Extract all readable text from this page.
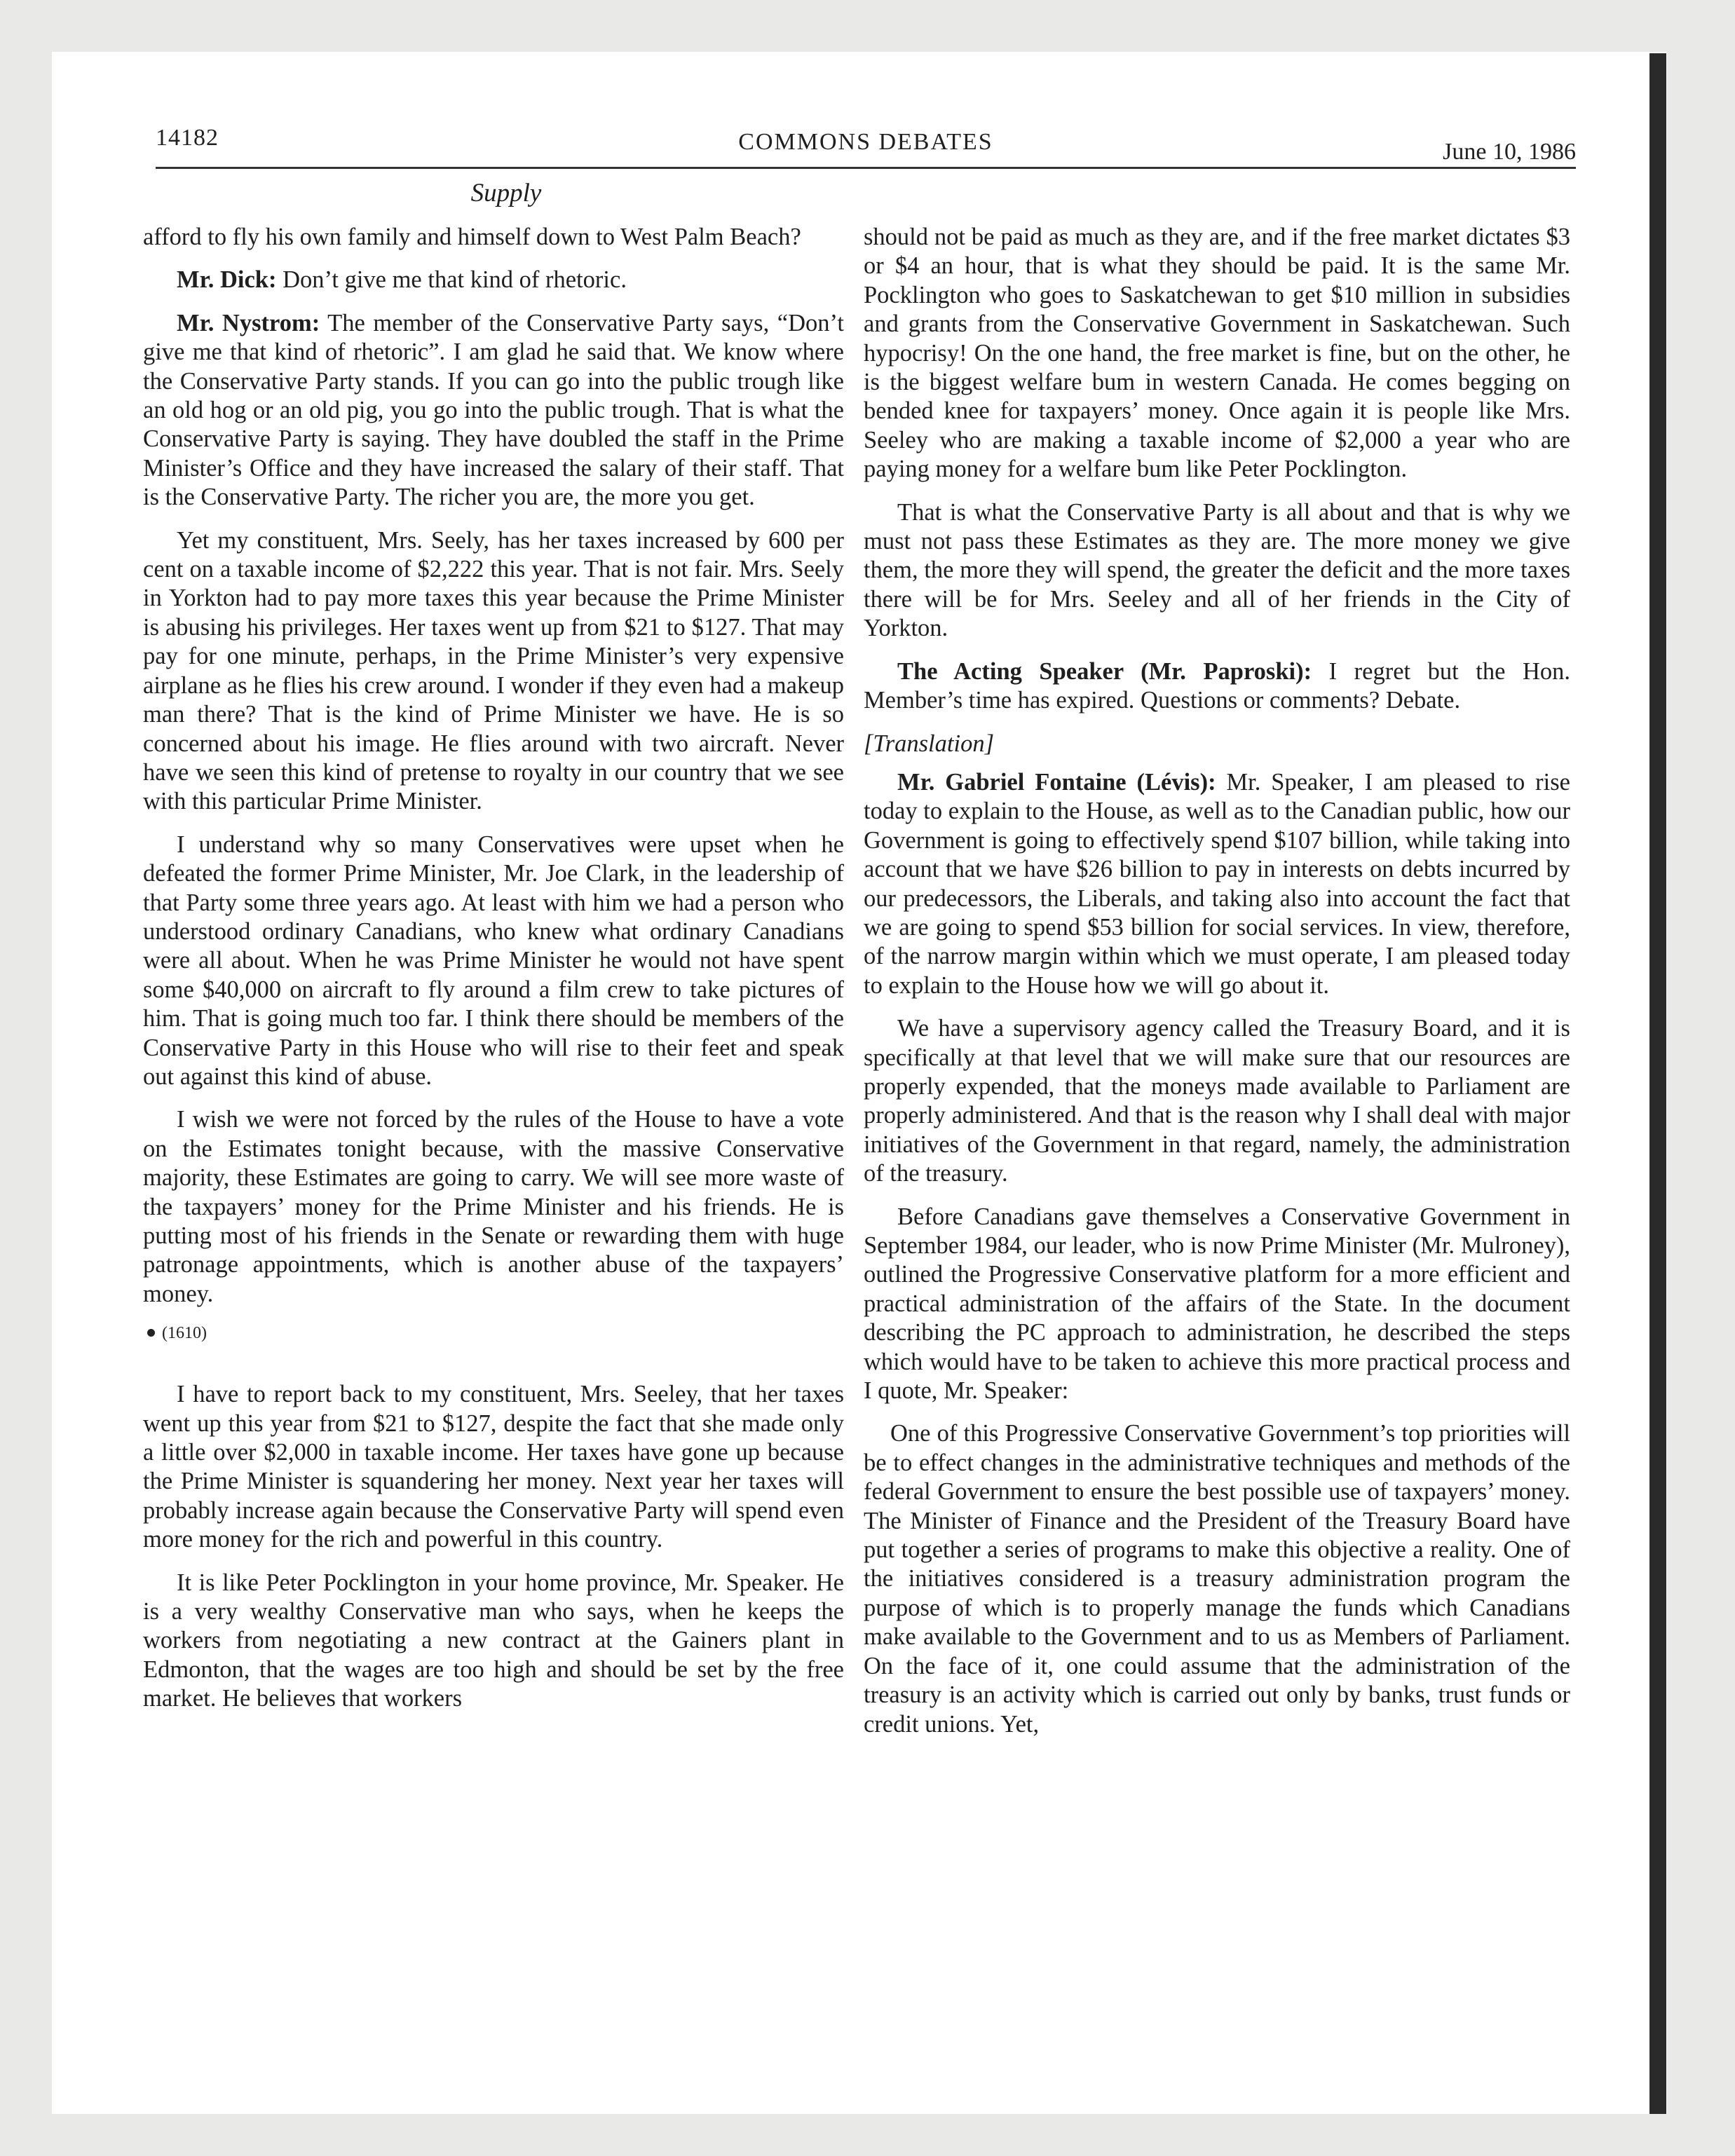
14182	COMMONS DEBATES	June 10, 1986
Supply

afford to fly his own family and himself down to West Palm Beach?

Mr. Dick: Don’t give me that kind of rhetoric.

Mr. Nystrom: The member of the Conservative Party says, “Don’t give me that kind of rhetoric”. I am glad he said that. We know where the Conservative Party stands. If you can go into the public trough like an old hog or an old pig, you go into the public trough. That is what the Conservative Party is saying. They have doubled the staff in the Prime Minister’s Office and they have increased the salary of their staff. That is the Conservative Party. The richer you are, the more you get.

Yet my constituent, Mrs. Seely, has her taxes increased by 600 per cent on a taxable income of $2,222 this year. That is not fair. Mrs. Seely in Yorkton had to pay more taxes this year because the Prime Minister is abusing his privileges. Her taxes went up from $21 to $127. That may pay for one minute, perhaps, in the Prime Minister’s very expensive airplane as he flies his crew around. I wonder if they even had a makeup man there? That is the kind of Prime Minister we have. He is so concerned about his image. He flies around with two aircraft. Never have we seen this kind of pretense to royalty in our country that we see with this particular Prime Minister.

I understand why so many Conservatives were upset when he defeated the former Prime Minister, Mr. Joe Clark, in the leadership of that Party some three years ago. At least with him we had a person who understood ordinary Canadians, who knew what ordinary Canadians were all about. When he was Prime Minister he would not have spent some $40,000 on aircraft to fly around a film crew to take pictures of him. That is going much too far. I think there should be members of the Conservative Party in this House who will rise to their feet and speak out against this kind of abuse.

I wish we were not forced by the rules of the House to have a vote on the Estimates tonight because, with the massive Conservative majority, these Estimates are going to carry. We will see more waste of the taxpayers’ money for the Prime Minister and his friends. He is putting most of his friends in the Senate or rewarding them with huge patronage appointments, which is another abuse of the taxpayers’ money.

(1610)

I have to report back to my constituent, Mrs. Seeley, that her taxes went up this year from $21 to $127, despite the fact that she made only a little over $2,000 in taxable income. Her taxes have gone up because the Prime Minister is squandering her money. Next year her taxes will probably increase again because the Conservative Party will spend even more money for the rich and powerful in this country.

It is like Peter Pocklington in your home province, Mr. Speaker. He is a very wealthy Conservative man who says, when he keeps the workers from negotiating a new contract at the Gainers plant in Edmonton, that the wages are too high and should be set by the free market. He believes that workers

should not be paid as much as they are, and if the free market dictates $3 or $4 an hour, that is what they should be paid. It is the same Mr. Pocklington who goes to Saskatchewan to get $10 million in subsidies and grants from the Conservative Government in Saskatchewan. Such hypocrisy! On the one hand, the free market is fine, but on the other, he is the biggest welfare bum in western Canada. He comes begging on bended knee for taxpayers’ money. Once again it is people like Mrs. Seeley who are making a taxable income of $2,000 a year who are paying money for a welfare bum like Peter Pocklington.

That is what the Conservative Party is all about and that is why we must not pass these Estimates as they are. The more money we give them, the more they will spend, the greater the deficit and the more taxes there will be for Mrs. Seeley and all of her friends in the City of Yorkton.

The Acting Speaker (Mr. Paproski): I regret but the Hon. Member’s time has expired. Questions or comments? Debate.

[Translation]

Mr. Gabriel Fontaine (Lévis): Mr. Speaker, I am pleased to rise today to explain to the House, as well as to the Canadian public, how our Government is going to effectively spend $107 billion, while taking into account that we have $26 billion to pay in interests on debts incurred by our predecessors, the Liberals, and taking also into account the fact that we are going to spend $53 billion for social services. In view, therefore, of the narrow margin within which we must operate, I am pleased today to explain to the House how we will go about it.

We have a supervisory agency called the Treasury Board, and it is specifically at that level that we will make sure that our resources are properly expended, that the moneys made available to Parliament are properly administered. And that is the reason why I shall deal with major initiatives of the Government in that regard, namely, the administration of the treasury.

Before Canadians gave themselves a Conservative Government in September 1984, our leader, who is now Prime Minister (Mr. Mulroney), outlined the Progressive Conservative platform for a more efficient and practical administration of the affairs of the State. In the document describing the PC approach to administration, he described the steps which would have to be taken to achieve this more practical process and I quote, Mr. Speaker:

One of this Progressive Conservative Government’s top priorities will be to effect changes in the administrative techniques and methods of the federal Government to ensure the best possible use of taxpayers’ money. The Minister of Finance and the President of the Treasury Board have put together a series of programs to make this objective a reality. One of the initiatives considered is a treasury administration program the purpose of which is to properly manage the funds which Canadians make available to the Government and to us as Members of Parliament. On the face of it, one could assume that the administration of the treasury is an activity which is carried out only by banks, trust funds or credit unions. Yet,
